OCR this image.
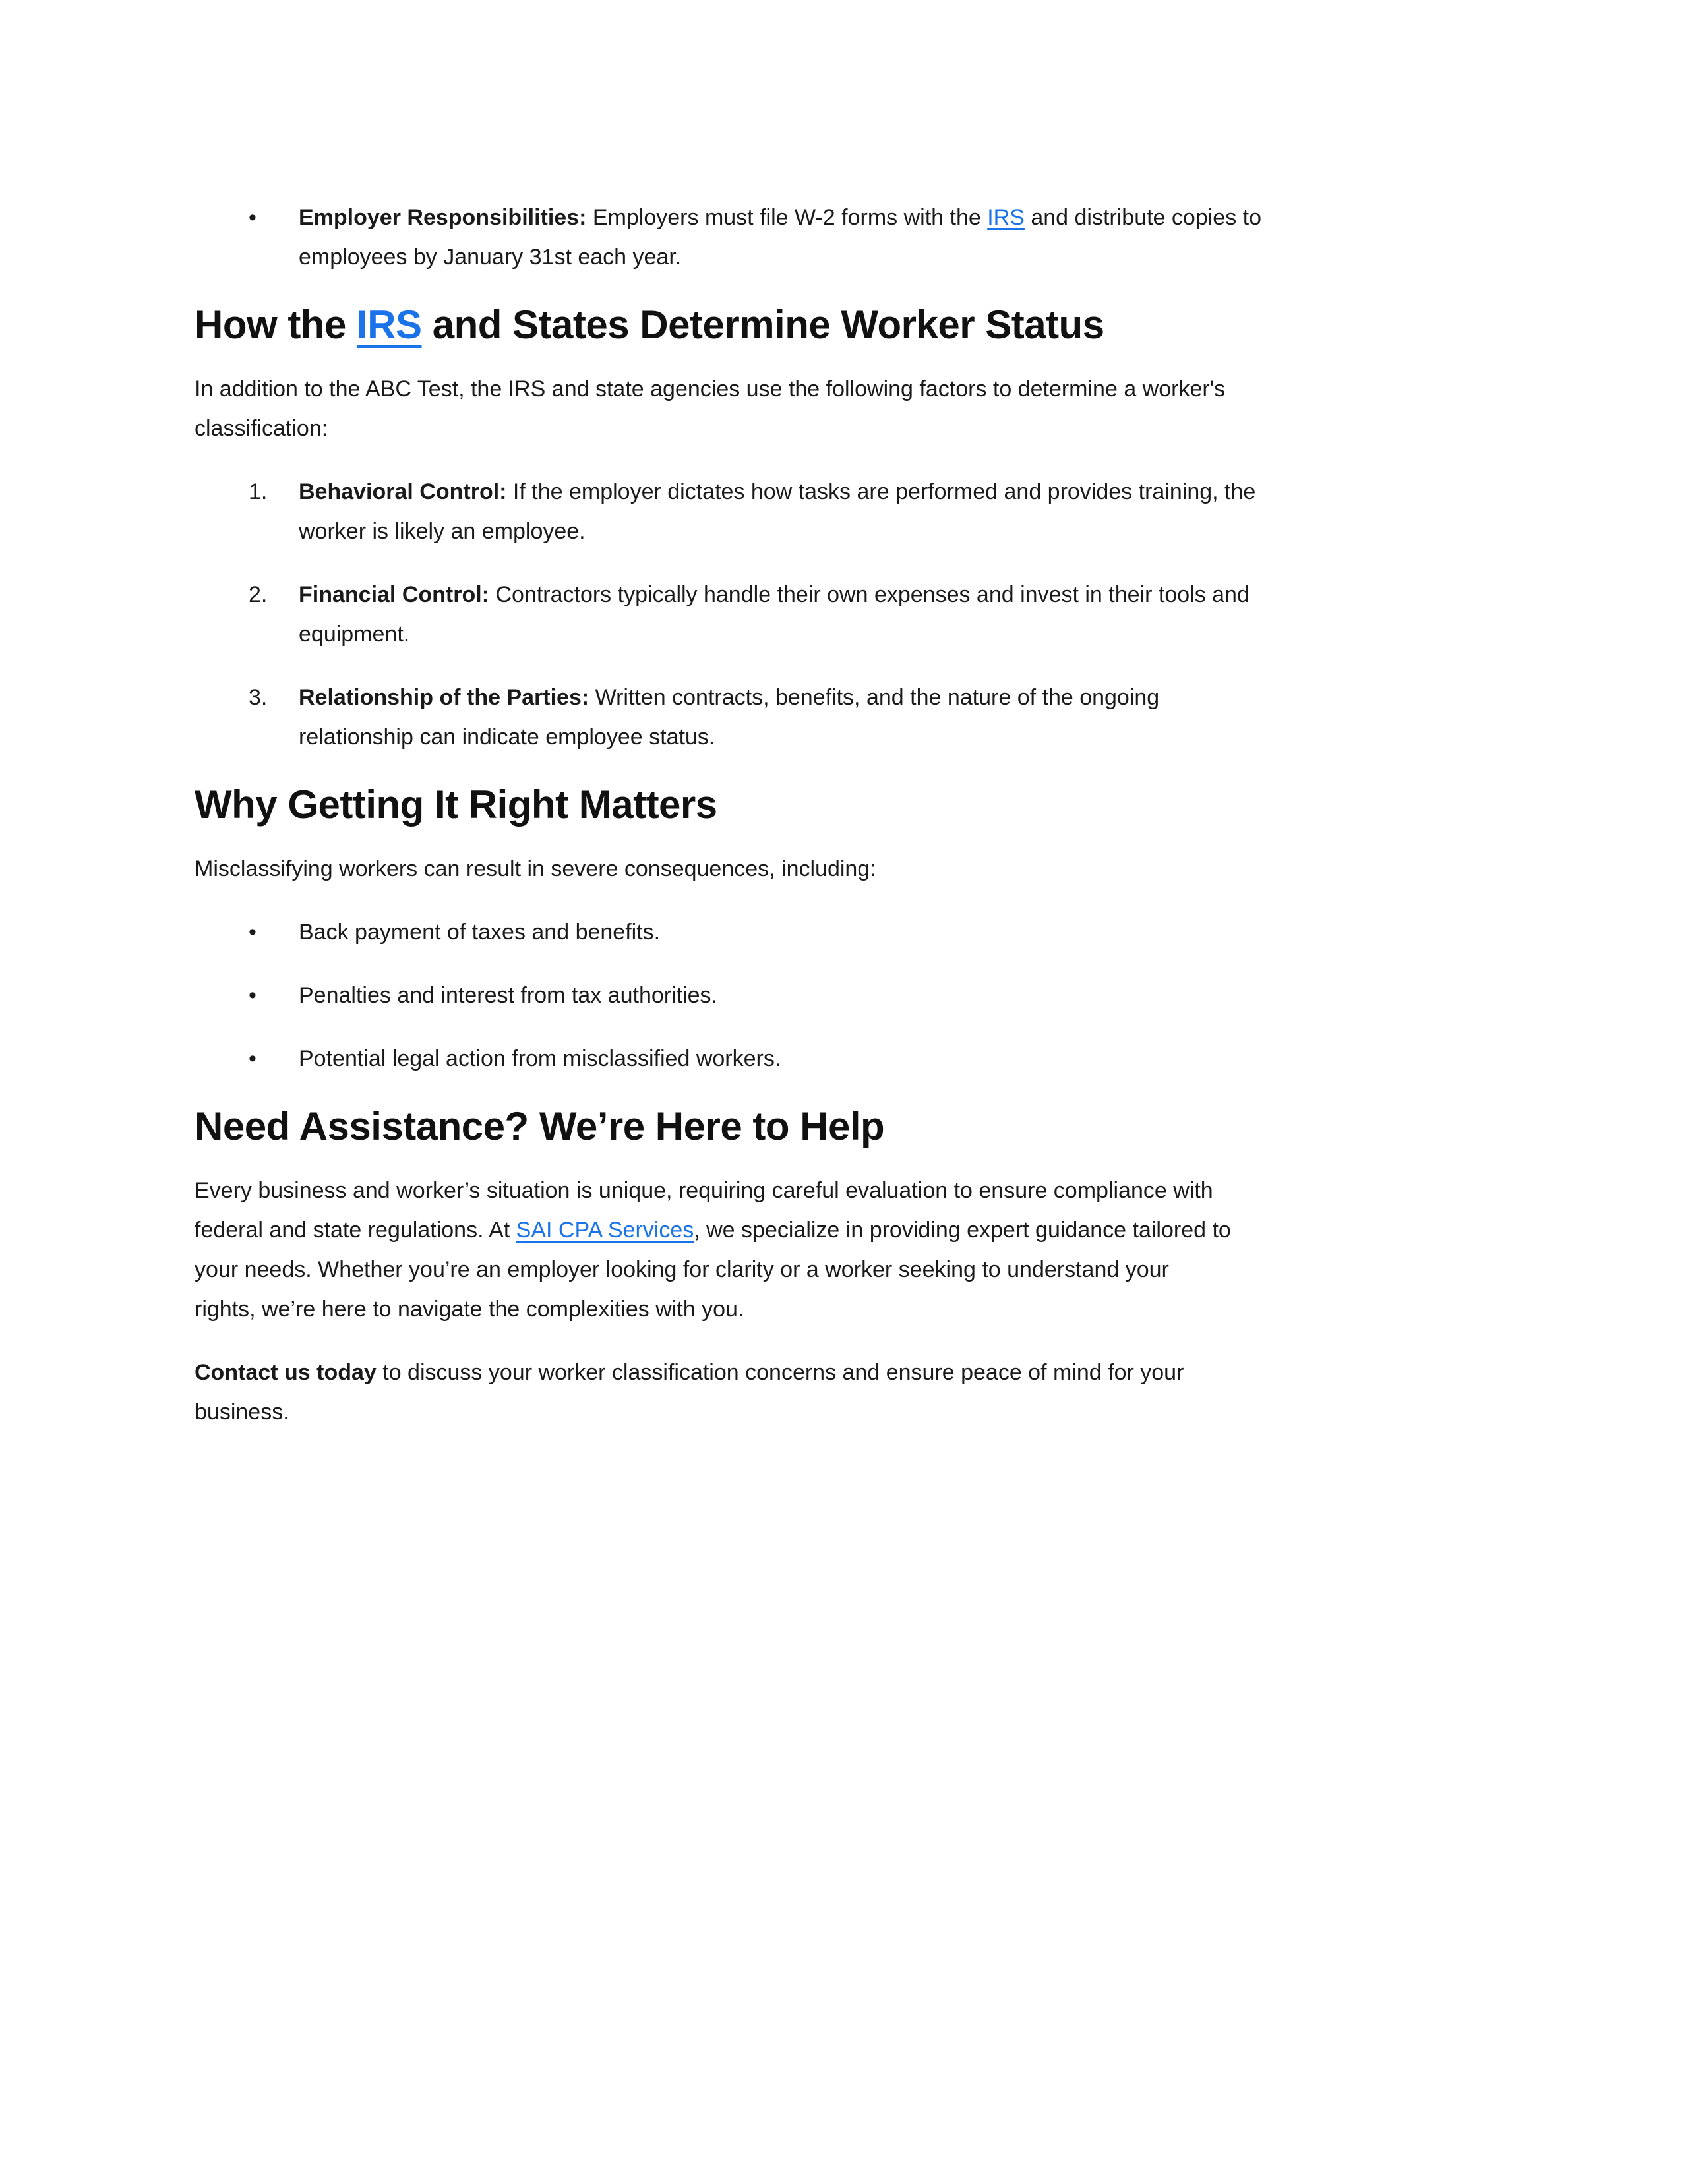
•	Employer Responsibilities: Employers must file W-2 forms with the IRS and distribute copies to
employees by January 31st each year.
How the IRS and States Determine Worker Status

In addition to the ABC Test, the IRS and state agencies use the following factors to determine a worker's
classification:

1.	Behavioral Control: If the employer dictates how tasks are performed and provides training, the
worker is likely an employee.
2.	Financial Control: Contractors typically handle their own expenses and invest in their tools and
equipment.
3.	Relationship of the Parties: Written contracts, benefits, and the nature of the ongoing
relationship can indicate employee status.
Why Getting It Right Matters

Misclassifying workers can result in severe consequences, including:

•	Back payment of taxes and benefits.
•	Penalties and interest from tax authorities.
•	Potential legal action from misclassified workers.
Need Assistance? We’re Here to Help

Every business and worker’s situation is unique, requiring careful evaluation to ensure compliance with
federal and state regulations. At SAI CPA Services, we specialize in providing expert guidance tailored to
your needs. Whether you’re an employer looking for clarity or a worker seeking to understand your
rights, we’re here to navigate the complexities with you.

Contact us today to discuss your worker classification concerns and ensure peace of mind for your
business.
